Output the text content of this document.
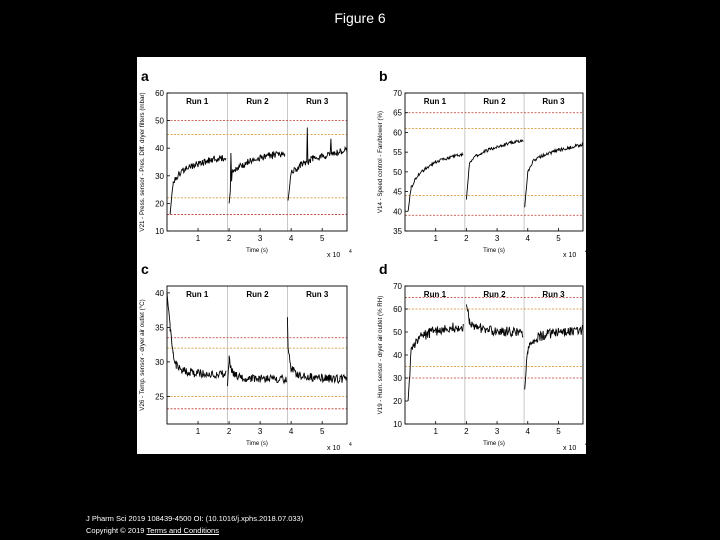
Figure 6
a
Run 1	Run 2	Run 3
1	2	3	4	5
10
20
30
40
50
60
Time (s)
x 10 4
V21 - Press. sensor - Pres. Diff. dryer filters (mbar)
b
Run 1	Run 2	Run 3
1	2	3	4	5
35
40
45
50
55
60
65
70
Time (s)
x 10 4
V14 - Speed control - Fan/blower (%)
c
Run 1	Run 2	Run 3
1	2	3	4	5
25
30
35
40
Time (s)
x 10 4
V26 - Temp. sensor - dryer air outlet (°C)
d
Run 1	Run 2	Run 3
1	2	3	4	5
10
20
30
40
50
60
70
Time (s)
x 10 4
V19 - Hum. sensor - dryer air outlet (% RH)
J Pharm Sci 2019 108439-4500 OI: (10.1016/j.xphs.2018.07.033)
Copyright © 2019 Terms and Conditions
